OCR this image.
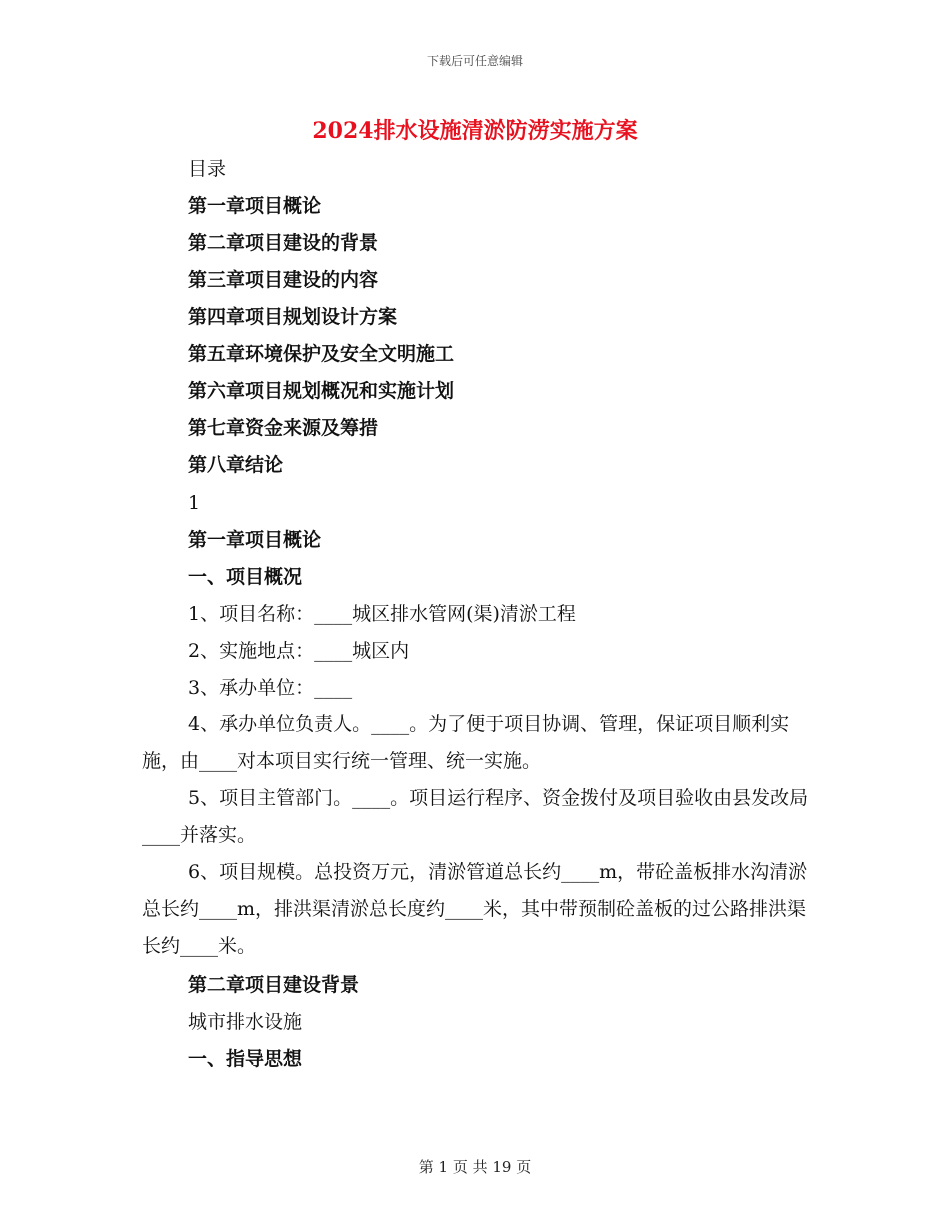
下载后可任意编辑
2024排水设施清淤防涝实施方案
目录
第一章项目概论
第二章项目建设的背景
第三章项目建设的内容
第四章项目规划设计方案
第五章环境保护及安全文明施工
第六章项目规划概况和实施计划
第七章资金来源及筹措
第八章结论
1
第一章项目概论
一、项目概况
1、项目名称：____城区排水管网(渠)清淤工程
2、实施地点：____城区内
3、承办单位：____

4、承办单位负责人。____。为了便于项目协调、管理，保证项目顺利实施，由____对本项目实行统一管理、统一实施。

5、项目主管部门。____。项目运行程序、资金拨付及项目验收由县发改局____并落实。

6、项目规模。总投资万元，清淤管道总长约____m，带砼盖板排水沟清淤总长约____m，排洪渠清淤总长度约____米，其中带预制砼盖板的过公路排洪渠长约____米。

第二章项目建设背景
城市排水设施
一、指导思想
第 1 页 共 19 页
